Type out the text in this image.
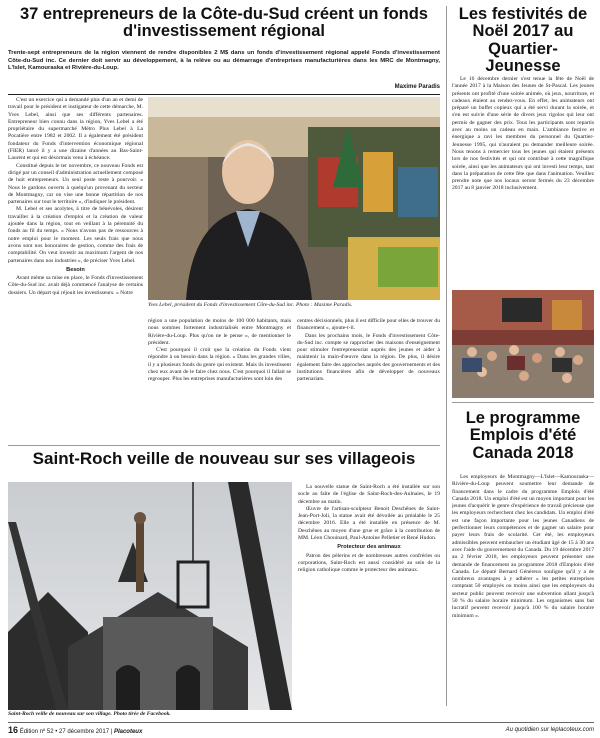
37 entrepreneurs de la Côte-du-Sud créent un fonds d'investissement régional
Trente-sept entrepreneurs de la région viennent de rendre disponibles 2 M$ dans un fonds d'investissement régional appelé Fonds d'investissement Côte-du-Sud inc. Ce dernier doit servir au développement, à la relève ou au démarrage d'entreprises manufacturières dans les MRC de Montmagny, L'Islet, Kamouraska et Rivière-du-Loup.
Maxime Paradis

C'est un exercice qui a demandé plus d'un an et demi de travail pour le président et instigateur de cette démarche, M. Yves Lebel, ainsi que ses différents partenaires. Entrepreneur bien connu dans la région, Yves Lebel a été propriétaire du supermarché Métro Plus Lebel à La Pocatière entre 1982 et 2002. Il a également été président fondateur du Fonds d'intervention économique régional (FIER) lancé il y a une dizaine d'années au Bas-Saint-Laurent et qui est désormais venu à échéance.

Constitué depuis le ter novembre, ce nouveau Fonds est dirigé par un conseil d'administration actuellement composé de huit entrepreneurs. Un seul poste reste à pourvoir. « Nous le gardons ouverts à quelqu'un provenant du secteur de Montmagny, car on vise une bonne répartition de nos partenaires sur tout le territoire », d'indiquer le président.

M. Lebel et ses acolytes, à titre de bénévoles, désirent travailler à la création d'emploi et la création de valeur ajoutée dans la région, tout en veillant à la pérennité du fonds au fil du temps. « Nous n'avons pas de ressources à notre emploi pour le moment. Les seuls frais que nous avons sont nos honoraires de gestion, comme des frais de comptabilité. On veut investir au maximum l'argent de nos partenaires dans nos industries », de préciser Yves Lebel.

Besoin

Avant même sa mise en place, le Fonds d'investissement Côte-du-Sud inc. avait déjà commencé l'analyse de certains dossiers. Un départ qui réjouit les investisseurs. « Notre

Yves Lebel, président du Fonds d'investissement Côte-du-Sud inc. Photo : Maxime Paradis.

région a une population de moins de 100 000 habitants, mais nous sommes fortement industrialisés entre Montmagny et Rivière-du-Loup. Plus qu'on ne le pense », de mentionner le président.

C'est pourquoi il croit que la création du Fonds vient répondre à un besoin dans la région. « Dans les grandes villes, il y a plusieurs fonds du genre qui existent. Mais ils investissent chez eux avant de le faire chez nous. C'est pourquoi il fallait se regrouper. Plus les entreprises manufacturières sont loin des

centres décisionnels, plus il est difficile pour elles de trouver du financement », ajoute-t-il.

Dans les prochains mois, le Fonds d'investissement Côte-du-Sud inc. compte se rapprocher des maisons d'enseignement pour stimuler l'entrepreneuriat auprès des jeunes et aider à maintenir la main-d'œuvre dans la région. De plus, il désire également faire des approches auprès des gouvernements et des institutions financières afin de développer de nouveaux partenariats.

Les festivités de Noël 2017 au Quartier-Jeunesse

Le 16 décembre dernier s'est tenue la fête de Noël de l'année 2017 à la Maison des Jeunes de St-Pascal. Les jeunes présents ont profité d'une soirée animée, où jeux, nourriture, et cadeaux étaient au rendez-vous. En effet, les animateurs ont préparé un buffet copieux qui a été servi durant la soirée, et s'en est suivie d'une série de divers jeux rigolos qui leur ont permis de gagner des prix. Tous les participants sont repartis avec au moins un cadeau en main. L'ambiance festive et énergique a ravi les membres du personnel du Quartier-Jeunesse 1995, qui n'auraient pu demander meilleure soirée. Nous tenons à remercier tous les jeunes qui étaient présents lors de nos festivités et qui ont contribué à cette magnifique soirée, ainsi que les animateurs qui ont investi leur temps, tant dans la préparation de cette fête que dans l'animation. Veuillez prendre note que nos locaux seront fermés du 23 décembre 2017 au 8 janvier 2018 inclusivement.

Le programme Emplois d'été Canada 2018

Les employeurs de Montmagny—L'Islet—Kamouraska—Rivière-du-Loup peuvent soumettre leur demande de financement dans le cadre du programme Emplois d'été Canada 2018. Un emploi d'été est un moyen important pour les jeunes d'acquérir le genre d'expérience de travail précieuse que les employeurs recherchent chez les candidats. Un emploi d'été est une façon importante pour les jeunes Canadiens de perfectionner leurs compétences et de gagner un salaire pour payer leurs frais de scolarité. Cet été, les employeurs admissibles peuvent embaucher un étudiant âgé de 15 à 30 ans avec l'aide du gouvernement du Canada. Du 19 décembre 2017 au 2 février 2018, les employeurs peuvent présenter une demande de financement au programme 2018 d'Emplois d'été Canada. Le député Bernard Généreux souligne qu'il y a de nombreux avantages à y adhérer « les petites entreprises comptant 50 employés ou moins ainsi que les employeurs du secteur public peuvent recevoir une subvention allant jusqu'à 50 % du salaire horaire minimum. Les organismes sans but lucratif peuvent recevoir jusqu'à 100 % du salaire horaire minimum ».

Saint-Roch veille de nouveau sur ses villageois
Saint-Roch veille de nouveau sur son village. Photo tirée de Facebook.

La nouvelle statue de Saint-Roch a été installée sur son socle au faîte de l'église de Saint-Roch-des-Aulnaies, le 19 décembre au matin.

Œuvre de l'artisan-sculpteur Benoit Deschênes de Saint-Jean-Port-Joli, la statue avait été dévoilée au préalable le 25 décembre 2016. Elle a été installée en présence de M. Deschênes au moyen d'une grue et grâce à la contribution de MM. Léon Chouinard, Paul-Antoine Pelletier et René Hudon.

Protecteur des animaux

Patron des pèlerins et de nombreuses autres confréries ou corporations, Saint-Roch est aussi considéré au sein de la religion catholique comme le protecteur des animaux.

16 Édition nº 52 • 27 décembre 2017 | Placoteux	Au quotidien sur leplacoteux.com
